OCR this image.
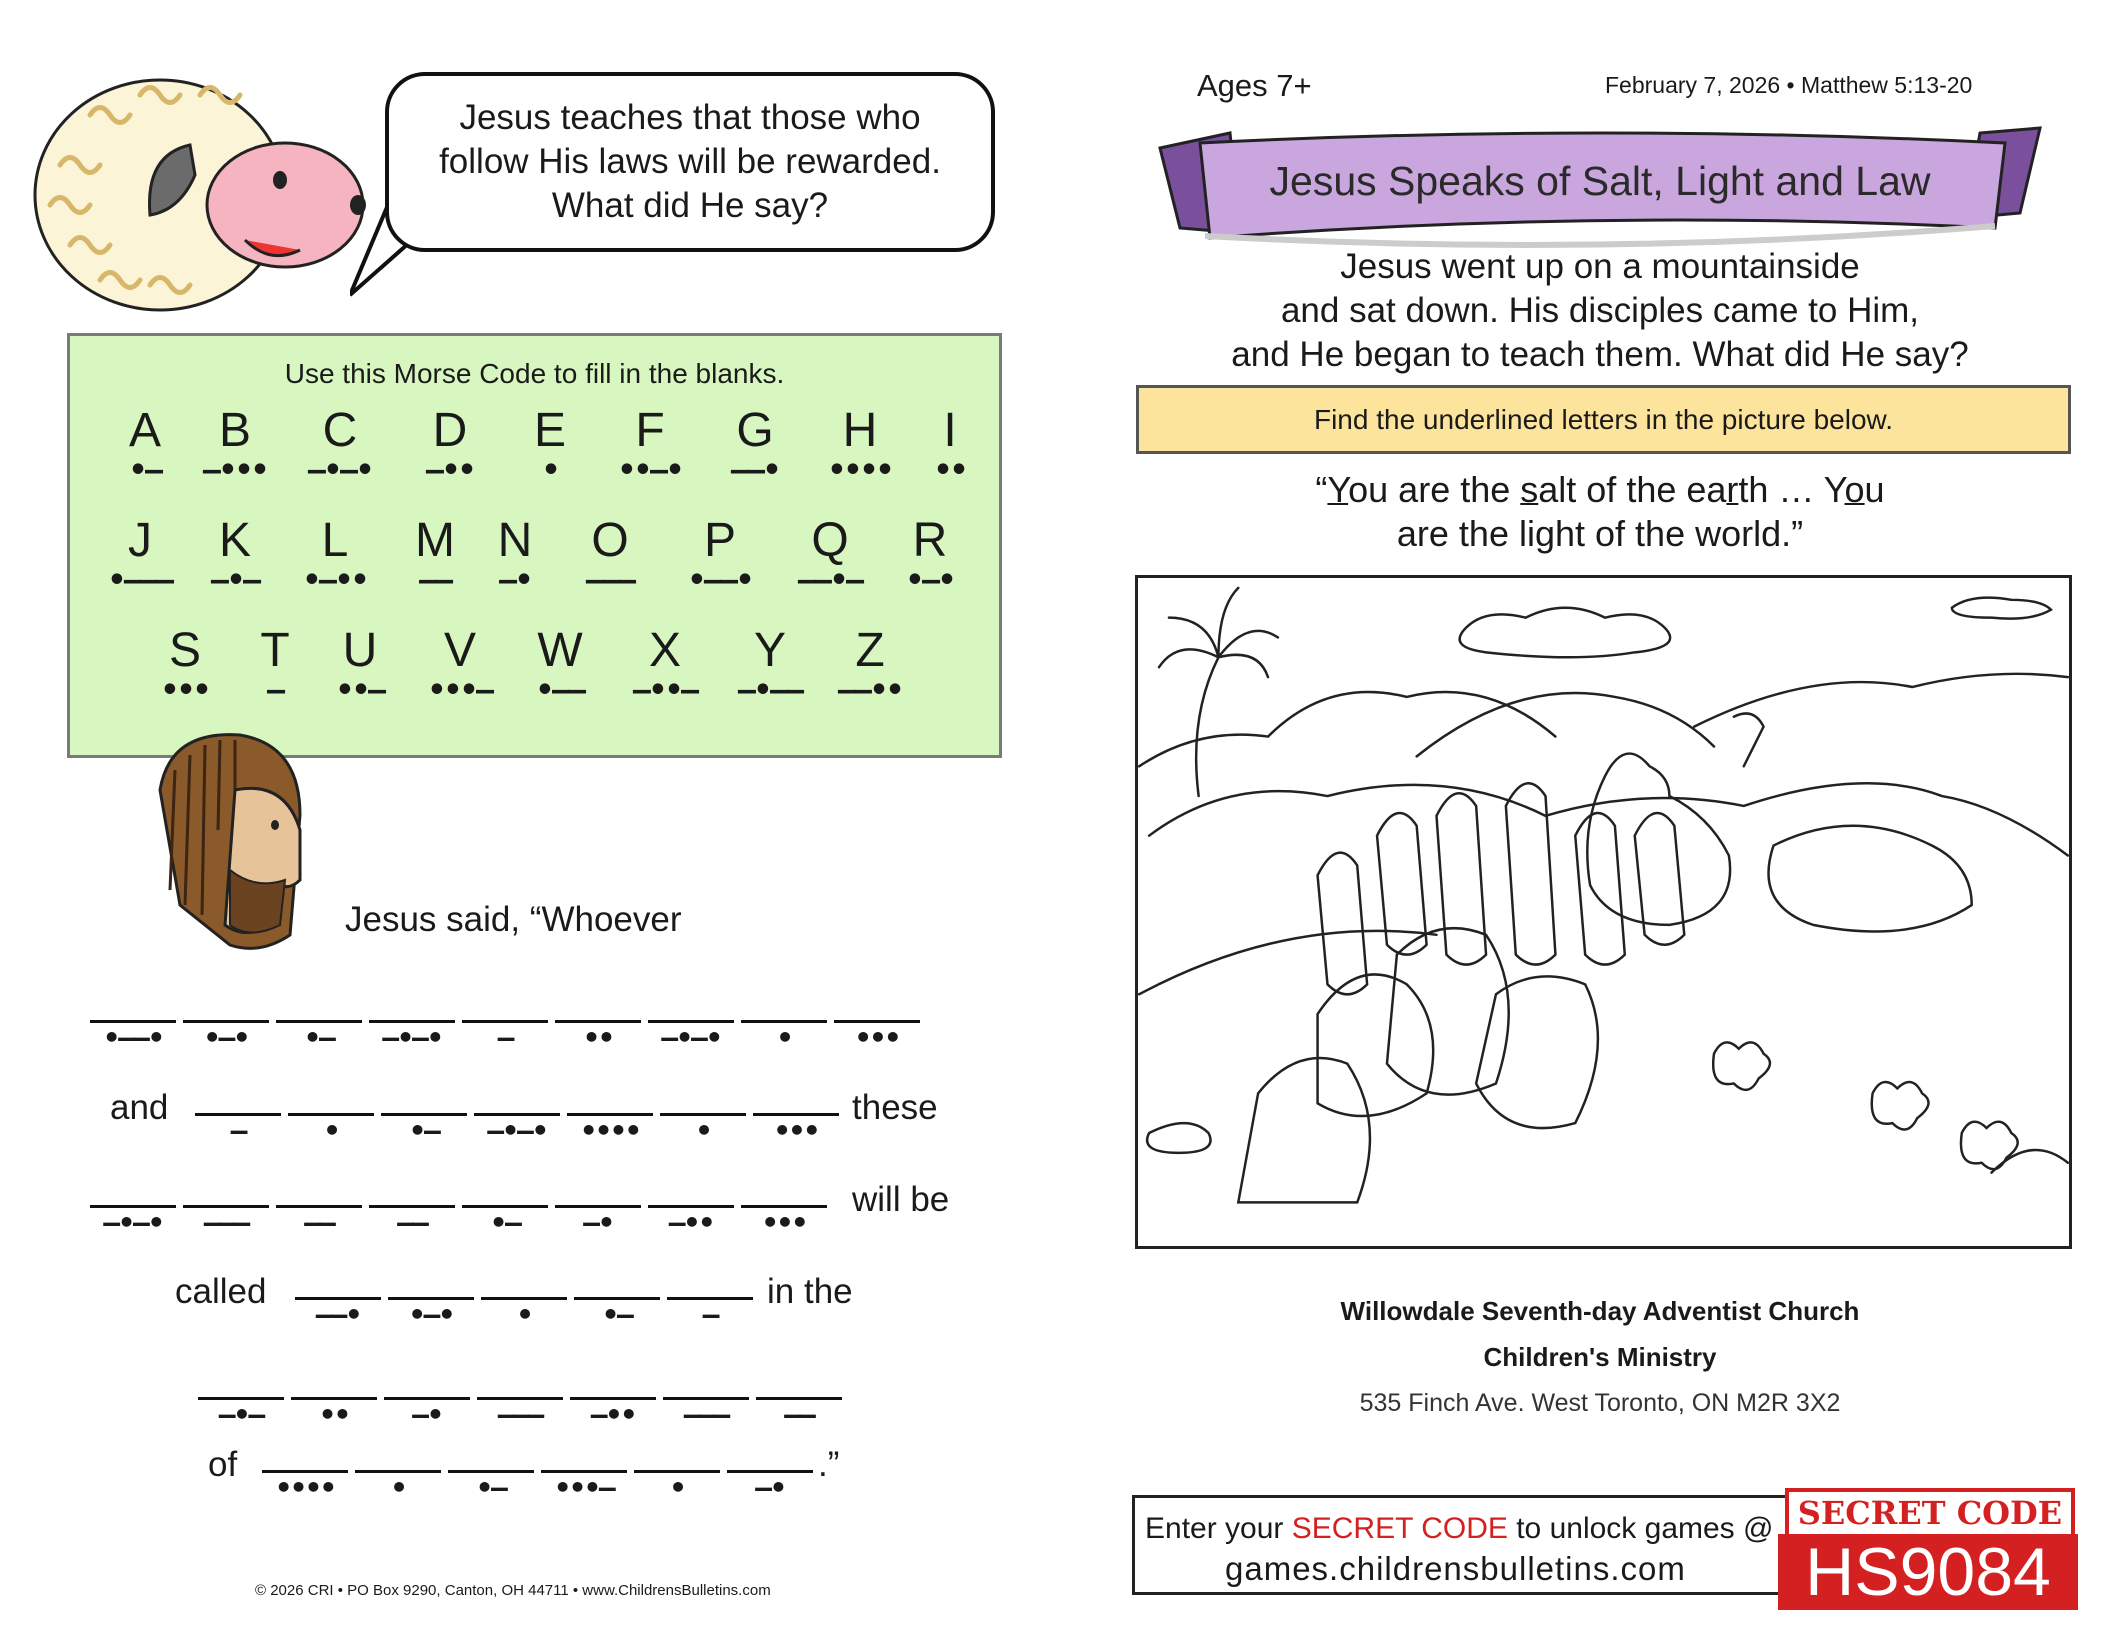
Jesus teaches that those who
follow His laws will be rewarded.
What did He say?
Use this Morse Code to fill in the blanks.
A
•–
B
–•••
C
–•–•
D
–••
E
•
F
••–•
G
––•
H
••••
I
••
J
•–––
K
–•–
L
•–••
M
––
N
–•
O
–––
P
•––•
Q
––•–
R
•–•
S
•••
T
–
U
••–
V
•••–
W
•––
X
–••–
Y
–•––
Z
––••
Jesus said, “Whoever
•––•	•–•	•–	–•–•	–	••	–•–•	•	•••
and
–	•	•–	–•–•	••••	•	•••
these
–•–•	–––	––	––	•–	–•	–••	•••
will be
called
––•	•–•	•	•–	–
in the
–•–	••	–•	–––	–••	–––	––
of
••••	•	•–	•••–	•	–•
.”
© 2026 CRI • PO Box 9290, Canton, OH 44711 • www.ChildrensBulletins.com
Ages 7+	February 7, 2026 • Matthew 5:13-20
Jesus Speaks of Salt, Light and Law
Jesus went up on a mountainside
and sat down. His disciples came to Him,
and He began to teach them. What did He say?
Find the underlined letters in the picture below.
“You are the salt of the earth … You
are the light of the world.”
Willowdale Seventh-day Adventist Church
Children's Ministry
535 Finch Ave. West Toronto, ON M2R 3X2
Enter your SECRET CODE to unlock games @
games.childrensbulletins.com
SECRET CODE
HS9084
